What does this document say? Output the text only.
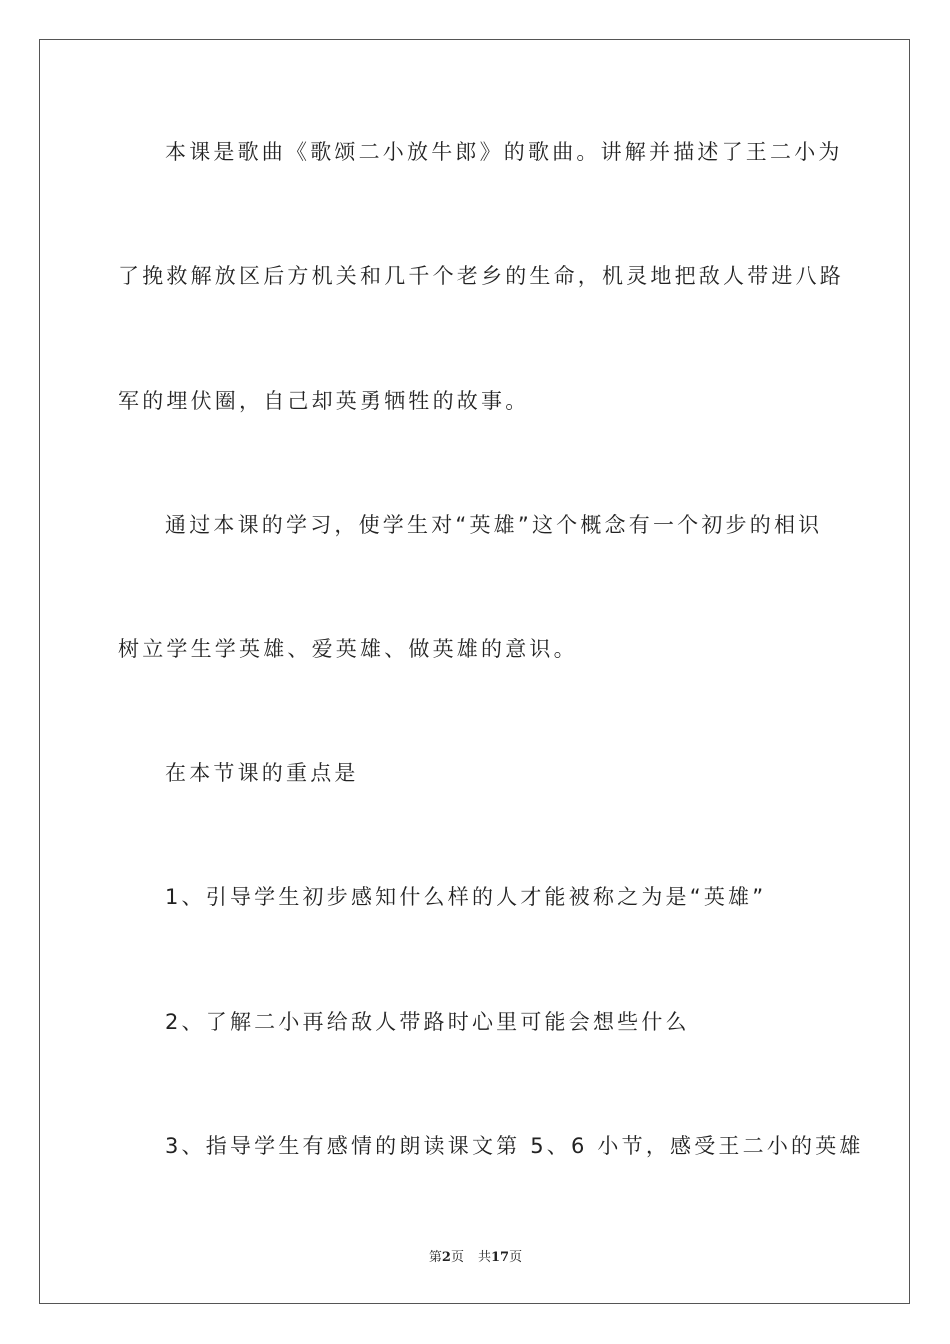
本课是歌曲《歌颂二小放牛郎》的歌曲。讲解并描述了王二小为
了挽救解放区后方机关和几千个老乡的生命，机灵地把敌人带进八路
军的埋伏圈，自己却英勇牺牲的故事。
通过本课的学习，使学生对“英雄”这个概念有一个初步的相识
树立学生学英雄、爱英雄、做英雄的意识。
在本节课的重点是
1、引导学生初步感知什么样的人才能被称之为是“英雄”
2、了解二小再给敌人带路时心里可能会想些什么
3、指导学生有感情的朗读课文第 5、6 小节，感受王二小的英雄
第2页 共17页
